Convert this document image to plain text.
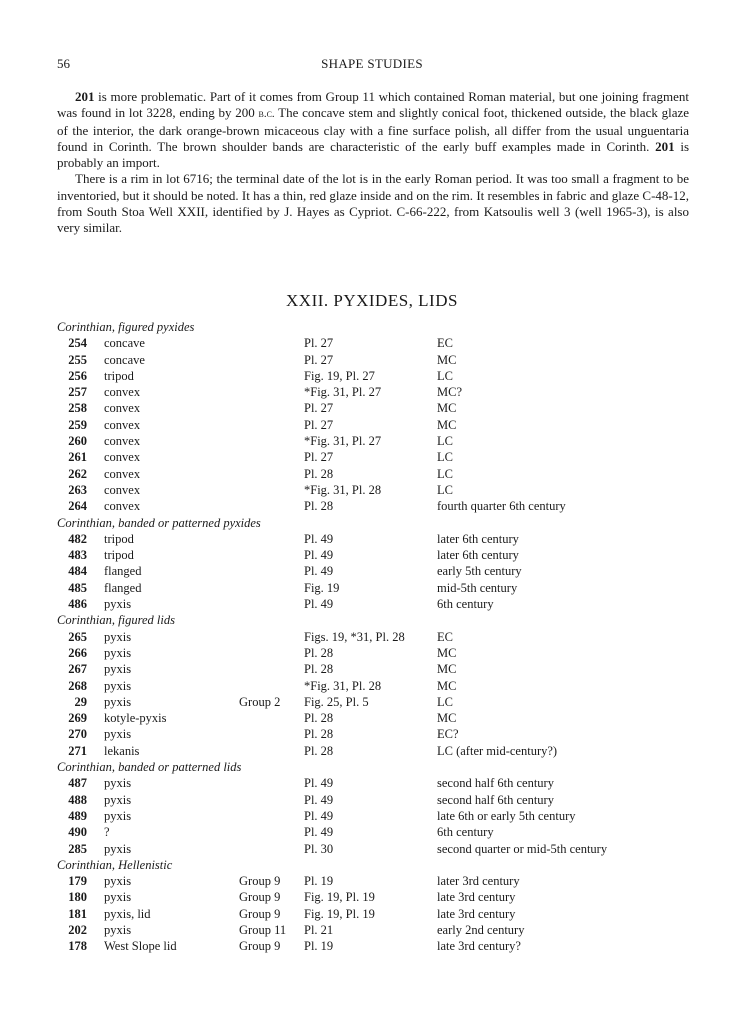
56	SHAPE STUDIES

201 is more problematic. Part of it comes from Group 11 which contained Roman material, but one joining fragment was found in lot 3228, ending by 200 b.c. The concave stem and slightly conical foot, thickened outside, the black glaze of the interior, the dark orange-brown micaceous clay with a fine surface polish, all differ from the usual unguentaria found in Corinth. The brown shoulder bands are characteristic of the early buff examples made in Corinth. 201 is probably an import.

There is a rim in lot 6716; the terminal date of the lot is in the early Roman period. It was too small a fragment to be inventoried, but it should be noted. It has a thin, red glaze inside and on the rim. It resembles in fabric and glaze C-48-12, from South Stoa Well XXII, identified by J. Hayes as Cypriot. C-66-222, from Katsoulis well 3 (well 1965-3), is also very similar.

XXII. PYXIDES, LIDS
Corinthian, figured pyxides
254 concave	Pl. 27	EC
255 concave	Pl. 27	MC
256 tripod	Fig. 19, Pl. 27	LC
257 convex	*Fig. 31, Pl. 27	MC?
258 convex	Pl. 27	MC
259 convex	Pl. 27	MC
260 convex	*Fig. 31, Pl. 27	LC
261 convex	Pl. 27	LC
262 convex	Pl. 28	LC
263 convex	*Fig. 31, Pl. 28	LC
264 convex	Pl. 28	fourth quarter 6th century
Corinthian, banded or patterned pyxides
482 tripod	Pl. 49	later 6th century
483 tripod	Pl. 49	later 6th century
484 flanged	Pl. 49	early 5th century
485 flanged	Fig. 19	mid-5th century
486 pyxis	Pl. 49	6th century
Corinthian, figured lids
265 pyxis	Figs. 19, *31, Pl. 28	EC
266 pyxis	Pl. 28	MC
267 pyxis	Pl. 28	MC
268 pyxis	*Fig. 31, Pl. 28	MC
29 pyxis	Group 2 Fig. 25, Pl. 5	LC
269 kotyle-pyxis	Pl. 28	MC
270 pyxis	Pl. 28	EC?
271 lekanis	Pl. 28	LC (after mid-century?)
Corinthian, banded or patterned lids
487 pyxis	Pl. 49	second half 6th century
488 pyxis	Pl. 49	second half 6th century
489 pyxis	Pl. 49	late 6th or early 5th century
490 ?	Pl. 49	6th century
285 pyxis	Pl. 30	second quarter or mid-5th century
Corinthian, Hellenistic
179 pyxis	Group 9 Pl. 19	later 3rd century
180 pyxis	Group 9 Fig. 19, Pl. 19	late 3rd century
181 pyxis, lid	Group 9 Fig. 19, Pl. 19	late 3rd century
202 pyxis	Group 11 Pl. 21	early 2nd century
178 West Slope lid	Group 9 Pl. 19	late 3rd century?
